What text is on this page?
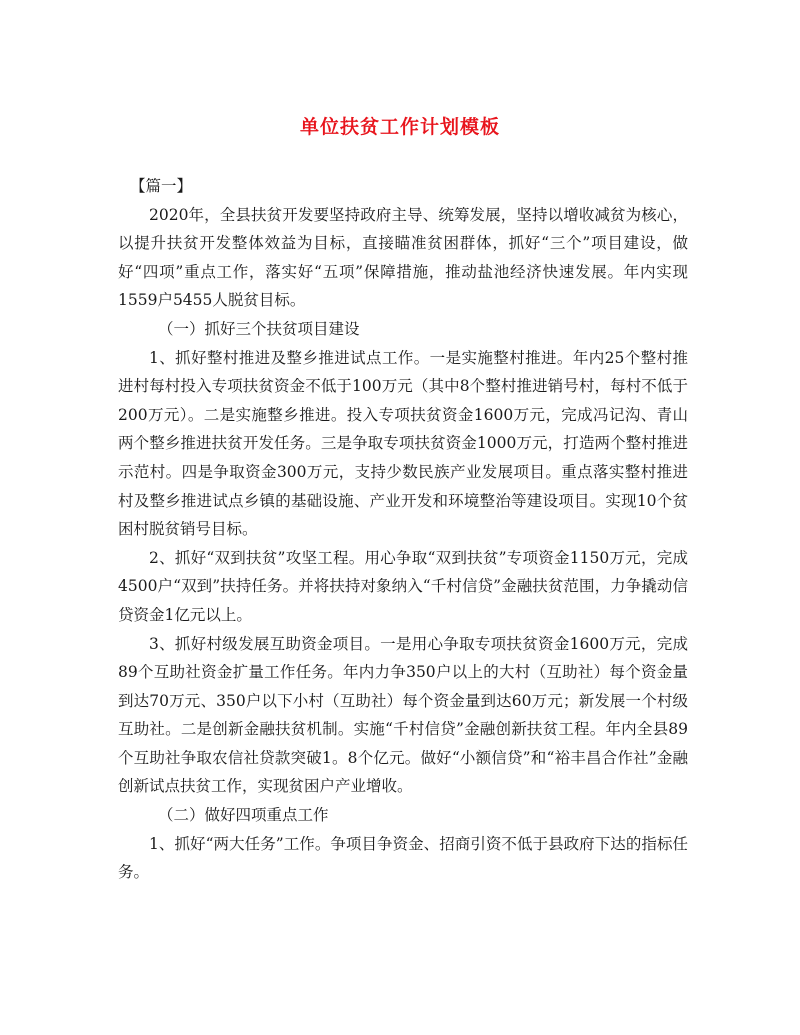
单位扶贫工作计划模板

【篇一】

2020年，全县扶贫开发要坚持政府主导、统筹发展，坚持以增收减贫为核心，以提升扶贫开发整体效益为目标，直接瞄准贫困群体，抓好“三个”项目建设，做好“四项”重点工作，落实好“五项”保障措施，推动盐池经济快速发展。年内实现1559户5455人脱贫目标。

（一）抓好三个扶贫项目建设

1、抓好整村推进及整乡推进试点工作。一是实施整村推进。年内25个整村推进村每村投入专项扶贫资金不低于100万元（其中8个整村推进销号村，每村不低于200万元）。二是实施整乡推进。投入专项扶贫资金1600万元，完成冯记沟、青山两个整乡推进扶贫开发任务。三是争取专项扶贫资金1000万元，打造两个整村推进示范村。四是争取资金300万元，支持少数民族产业发展项目。重点落实整村推进村及整乡推进试点乡镇的基础设施、产业开发和环境整治等建设项目。实现10个贫困村脱贫销号目标。

2、抓好“双到扶贫”攻坚工程。用心争取“双到扶贫”专项资金1150万元，完成4500户“双到”扶持任务。并将扶持对象纳入“千村信贷”金融扶贫范围，力争撬动信贷资金1亿元以上。

3、抓好村级发展互助资金项目。一是用心争取专项扶贫资金1600万元，完成89个互助社资金扩量工作任务。年内力争350户以上的大村（互助社）每个资金量到达70万元、350户以下小村（互助社）每个资金量到达60万元；新发展一个村级互助社。二是创新金融扶贫机制。实施“千村信贷”金融创新扶贫工程。年内全县89个互助社争取农信社贷款突破1。8个亿元。做好“小额信贷”和“裕丰昌合作社”金融创新试点扶贫工作，实现贫困户产业增收。

（二）做好四项重点工作

1、抓好“两大任务”工作。争项目争资金、招商引资不低于县政府下达的指标任务。
